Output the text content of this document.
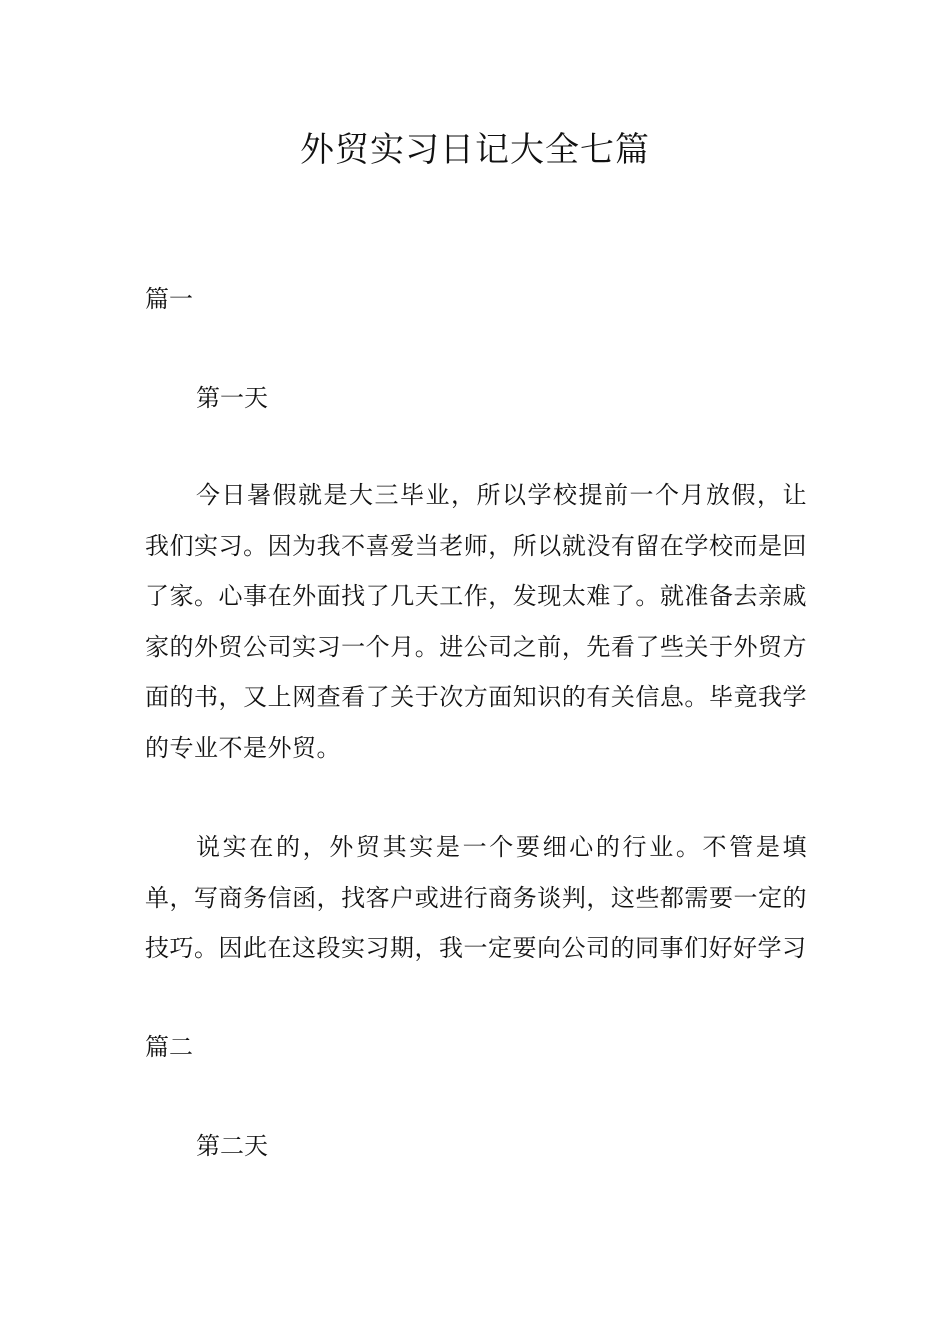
外贸实习日记大全七篇
篇一
第一天
今日暑假就是大三毕业，所以学校提前一个月放假，让我们实习。因为我不喜爱当老师，所以就没有留在学校而是回了家。心事在外面找了几天工作，发现太难了。就准备去亲戚家的外贸公司实习一个月。进公司之前，先看了些关于外贸方面的书，又上网查看了关于次方面知识的有关信息。毕竟我学的专业不是外贸。
说实在的，外贸其实是一个要细心的行业。不管是填单，写商务信函，找客户或进行商务谈判，这些都需要一定的技巧。因此在这段实习期，我一定要向公司的同事们好好学习
篇二
第二天
